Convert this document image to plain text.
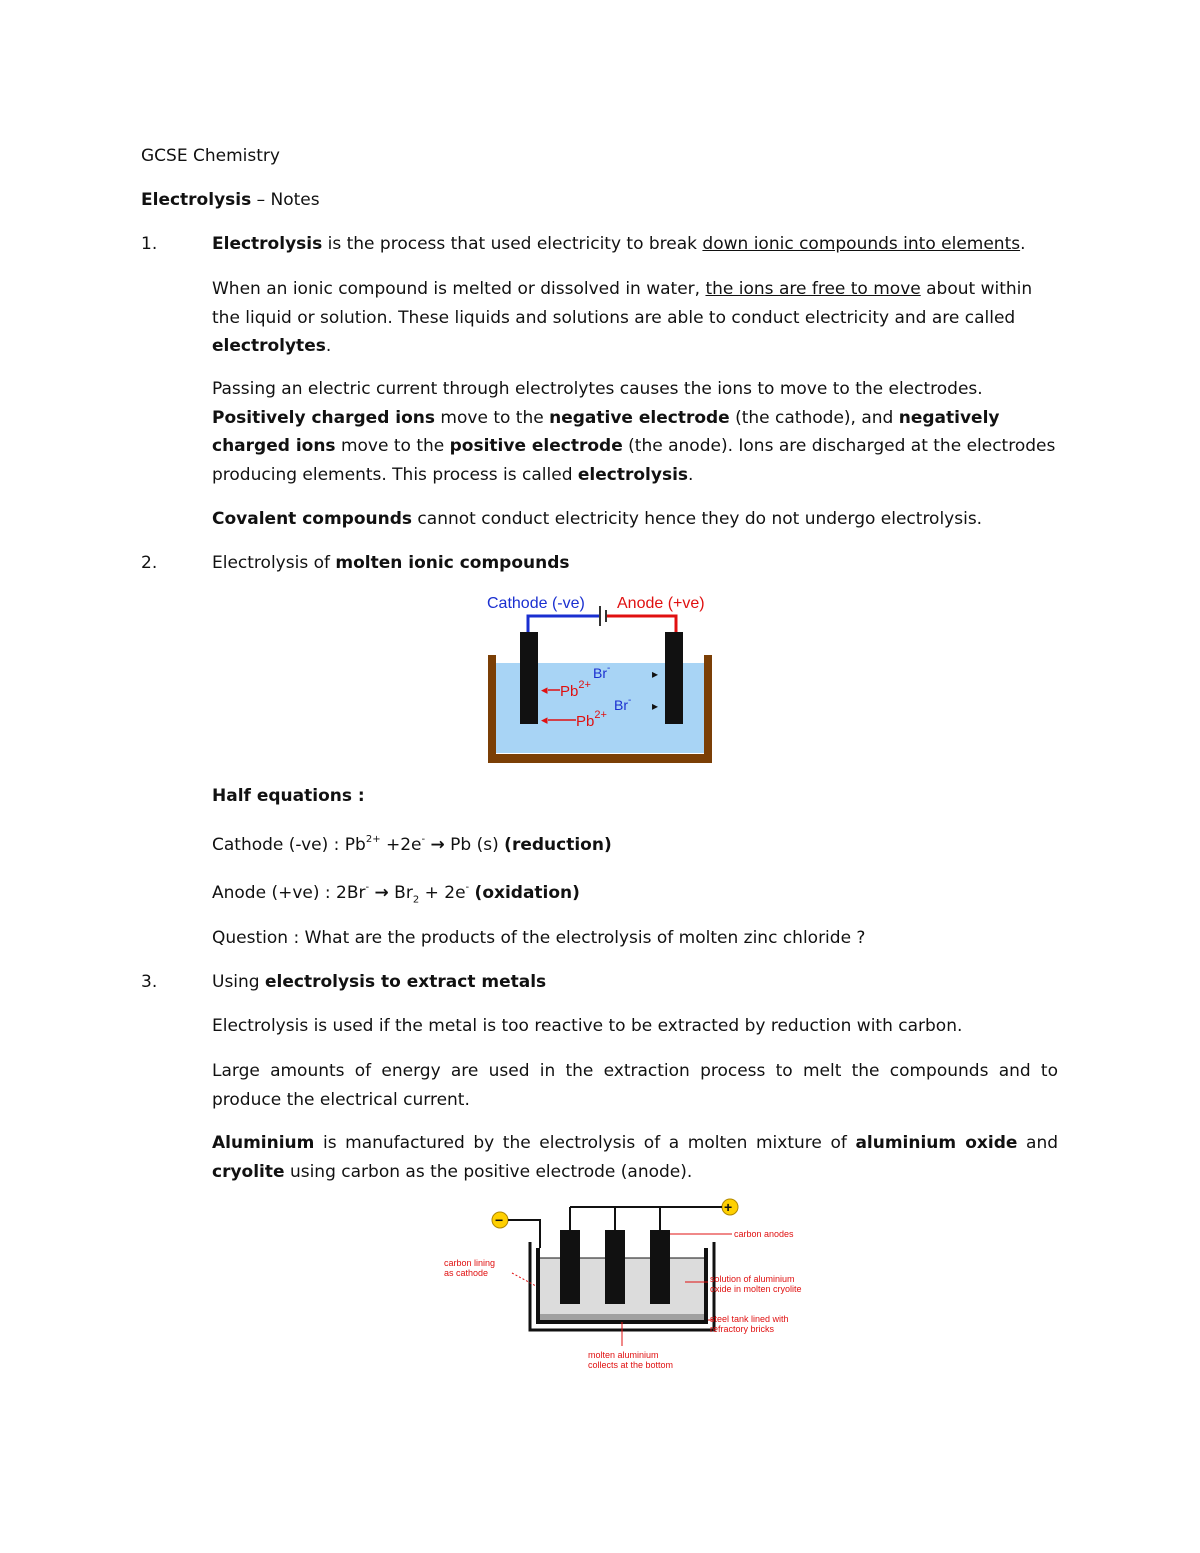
GCSE Chemistry
Electrolysis – Notes
1.	Electrolysis is the process that used electricity to break down ionic compounds into elements.
When an ionic compound is melted or dissolved in water, the ions are free to move about within the liquid or solution. These liquids and solutions are able to conduct electricity and are called electrolytes.
Passing an electric current through electrolytes causes the ions to move to the electrodes. Positively charged ions move to the negative electrode (the cathode), and negatively charged ions move to the positive electrode (the anode). Ions are discharged at the electrodes producing elements. This process is called electrolysis.
Covalent compounds cannot conduct electricity hence they do not undergo electrolysis.
2.	Electrolysis of molten ionic compounds
Cathode (-ve) Anode (+ve)
◂ $Pb^{2+}$
◂ $Pb^{2+}$
Br-	▸
Br- ▸
Half equations :
Cathode (-ve) : $Pb^{2+} +2e^- \to Pb$ (s) (reduction)
Anode (+ve) : $2Br^- \to Br_2 + 2e^-$ (oxidation)
Question : What are the products of the electrolysis of molten zinc chloride ?
3.	Using electrolysis to extract metals
Electrolysis is used if the metal is too reactive to be extracted by reduction with carbon.
Large amounts of energy are used in the extraction process to melt the compounds and to produce the electrical current.
Aluminium is manufactured by the electrolysis of a molten mixture of aluminium oxide and cryolite using carbon as the positive electrode (anode).
−
+
carbon anodes
carbon lining as cathode
solution of aluminium oxide in molten cryolite
steel tank lined with refractory bricks
molten aluminium collects at the bottom
